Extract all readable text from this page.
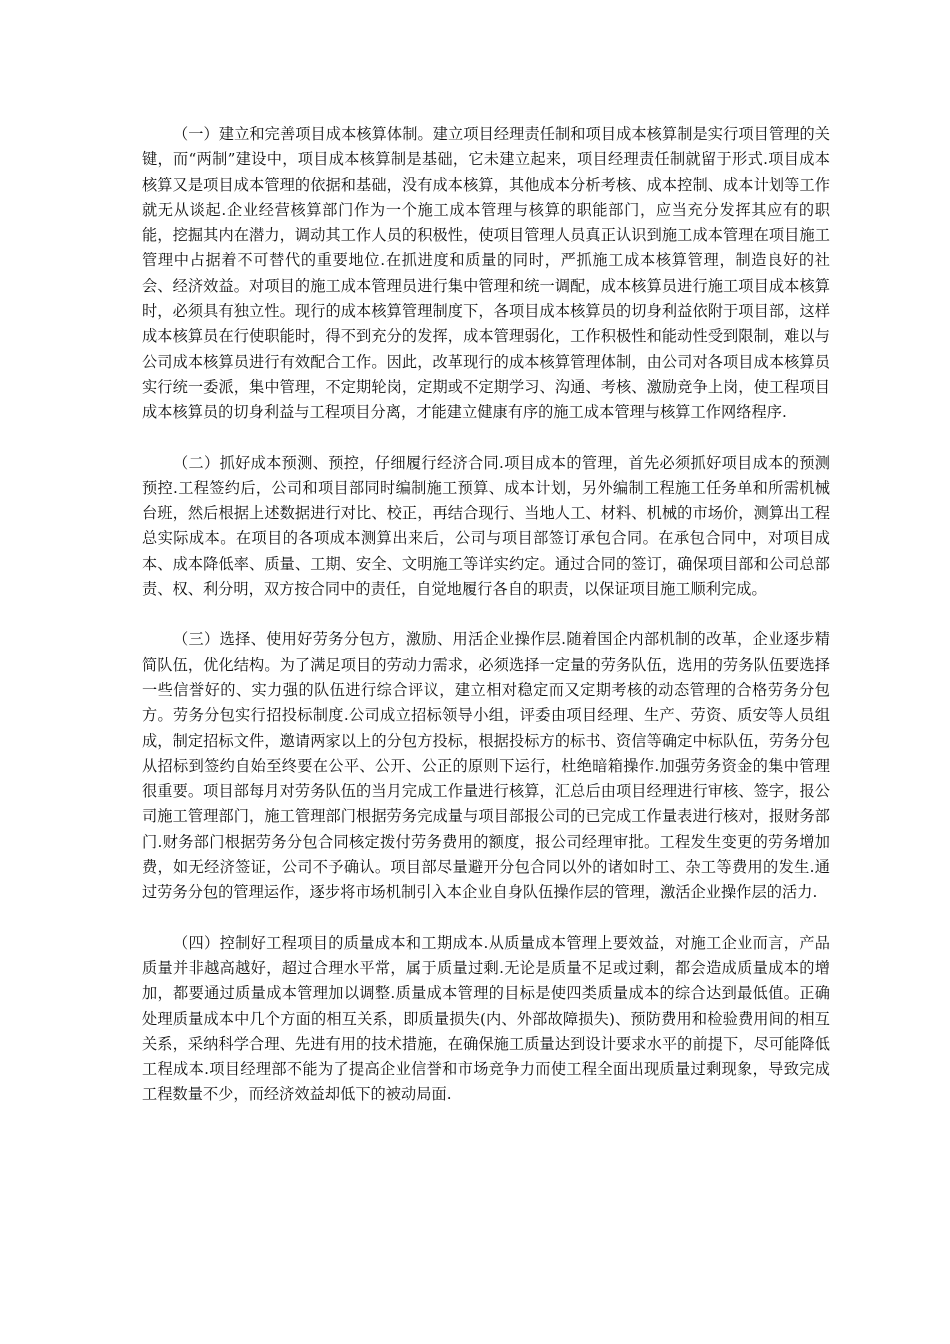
（一）建立和完善项目成本核算体制。建立项目经理责任制和项目成本核算制是实行项目管理的关键，而“两制”建设中，项目成本核算制是基础，它未建立起来，项目经理责任制就留于形式.项目成本核算又是项目成本管理的依据和基础，没有成本核算，其他成本分析考核、成本控制、成本计划等工作就无从谈起.企业经营核算部门作为一个施工成本管理与核算的职能部门，应当充分发挥其应有的职能，挖掘其内在潜力，调动其工作人员的积极性，使项目管理人员真正认识到施工成本管理在项目施工管理中占据着不可替代的重要地位.在抓进度和质量的同时，严抓施工成本核算管理，制造良好的社会、经济效益。对项目的施工成本管理员进行集中管理和统一调配，成本核算员进行施工项目成本核算时，必须具有独立性。现行的成本核算管理制度下，各项目成本核算员的切身利益依附于项目部，这样成本核算员在行使职能时，得不到充分的发挥，成本管理弱化，工作积极性和能动性受到限制，难以与公司成本核算员进行有效配合工作。因此，改革现行的成本核算管理体制，由公司对各项目成本核算员实行统一委派，集中管理，不定期轮岗，定期或不定期学习、沟通、考核、激励竞争上岗，使工程项目成本核算员的切身利益与工程项目分离，才能建立健康有序的施工成本管理与核算工作网络程序.

（二）抓好成本预测、预控，仔细履行经济合同.项目成本的管理，首先必须抓好项目成本的预测预控.工程签约后，公司和项目部同时编制施工预算、成本计划，另外编制工程施工任务单和所需机械台班，然后根据上述数据进行对比、校正，再结合现行、当地人工、材料、机械的市场价，测算出工程总实际成本。在项目的各项成本测算出来后，公司与项目部签订承包合同。在承包合同中，对项目成本、成本降低率、质量、工期、安全、文明施工等详实约定。通过合同的签订，确保项目部和公司总部责、权、利分明，双方按合同中的责任，自觉地履行各自的职责，以保证项目施工顺利完成。

（三）选择、使用好劳务分包方，激励、用活企业操作层.随着国企内部机制的改革，企业逐步精简队伍，优化结构。为了满足项目的劳动力需求，必须选择一定量的劳务队伍，选用的劳务队伍要选择一些信誉好的、实力强的队伍进行综合评议，建立相对稳定而又定期考核的动态管理的合格劳务分包方。劳务分包实行招投标制度.公司成立招标领导小组，评委由项目经理、生产、劳资、质安等人员组成，制定招标文件，邀请两家以上的分包方投标，根据投标方的标书、资信等确定中标队伍，劳务分包从招标到签约自始至终要在公平、公开、公正的原则下运行，杜绝暗箱操作.加强劳务资金的集中管理很重要。项目部每月对劳务队伍的当月完成工作量进行核算，汇总后由项目经理进行审核、签字，报公司施工管理部门，施工管理部门根据劳务完成量与项目部报公司的已完成工作量表进行核对，报财务部门.财务部门根据劳务分包合同核定拨付劳务费用的额度，报公司经理审批。工程发生变更的劳务增加费，如无经济签证，公司不予确认。项目部尽量避开分包合同以外的诸如时工、杂工等费用的发生.通过劳务分包的管理运作，逐步将市场机制引入本企业自身队伍操作层的管理，激活企业操作层的活力.

（四）控制好工程项目的质量成本和工期成本.从质量成本管理上要效益，对施工企业而言，产品质量并非越高越好，超过合理水平常，属于质量过剩.无论是质量不足或过剩，都会造成质量成本的增加，都要通过质量成本管理加以调整.质量成本管理的目标是使四类质量成本的综合达到最低值。正确处理质量成本中几个方面的相互关系，即质量损失(内、外部故障损失)、预防费用和检验费用间的相互关系，采纳科学合理、先进有用的技术措施，在确保施工质量达到设计要求水平的前提下，尽可能降低工程成本.项目经理部不能为了提高企业信誉和市场竞争力而使工程全面出现质量过剩现象，导致完成工程数量不少，而经济效益却低下的被动局面.
